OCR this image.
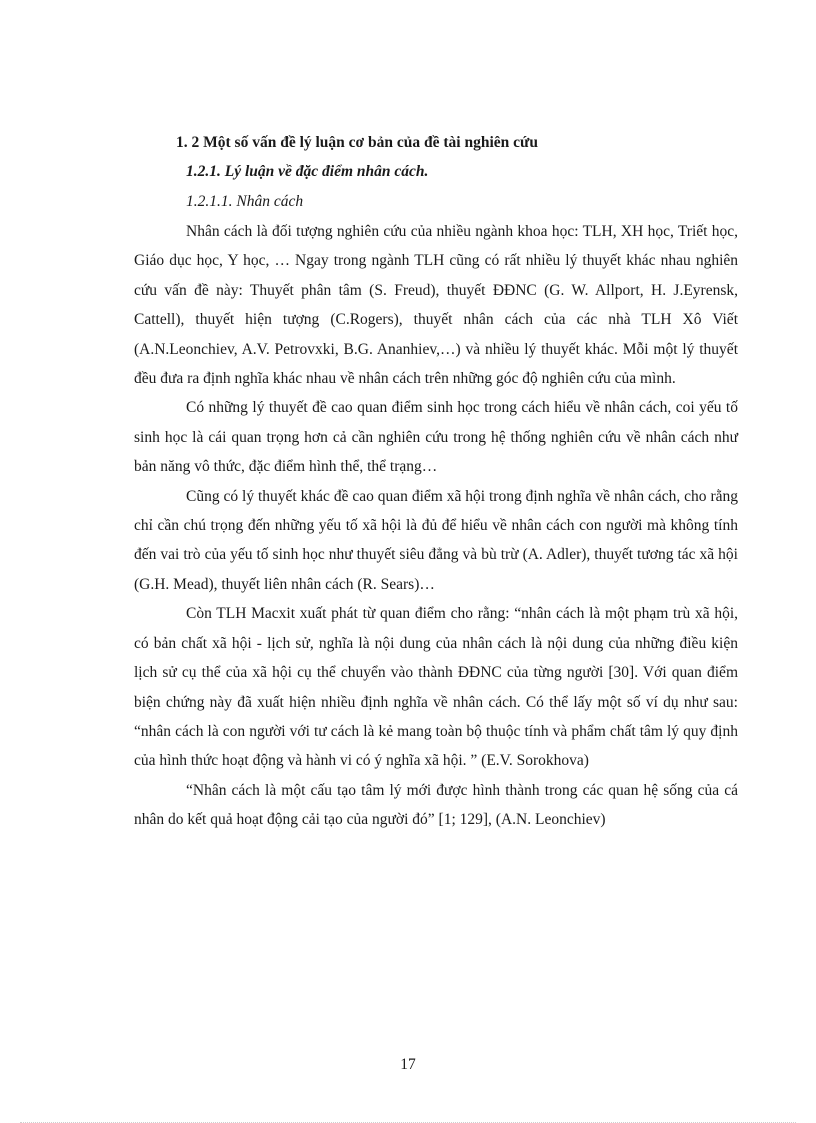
1. 2 Một số vấn đề lý luận cơ bản của đề tài nghiên cứu

1.2.1. Lý luận về đặc điểm nhân cách.

1.2.1.1. Nhân cách

Nhân cách là đối tượng nghiên cứu của nhiều ngành khoa học: TLH, XH học, Triết học, Giáo dục học, Y học, … Ngay trong ngành TLH cũng có rất nhiều lý thuyết khác nhau nghiên cứu vấn đề này: Thuyết phân tâm (S. Freud), thuyết ĐĐNC (G. W. Allport, H. J.Eyrensk, Cattell), thuyết hiện tượng (C.Rogers), thuyết nhân cách của các nhà TLH Xô Viết (A.N.Leonchiev, A.V. Petrovxki, B.G. Ananhiev,…) và nhiều lý thuyết khác. Mỗi một lý thuyết đều đưa ra định nghĩa khác nhau về nhân cách trên những góc độ nghiên cứu của mình.

Có những lý thuyết đề cao quan điểm sinh học trong cách hiểu về nhân cách, coi yếu tố sinh học là cái quan trọng hơn cả cần nghiên cứu trong hệ thống nghiên cứu về nhân cách như bản năng vô thức, đặc điểm hình thể, thể trạng…

Cũng có lý thuyết khác đề cao quan điểm xã hội trong định nghĩa về nhân cách, cho rằng chỉ cần chú trọng đến những yếu tố xã hội là đủ để hiểu về nhân cách con người mà không tính đến vai trò của yếu tố sinh học như thuyết siêu đẳng và bù trừ (A. Adler), thuyết tương tác xã hội (G.H. Mead), thuyết liên nhân cách (R. Sears)…

Còn TLH Macxit xuất phát từ quan điểm cho rằng: “nhân cách là một phạm trù xã hội, có bản chất xã hội - lịch sử, nghĩa là nội dung của nhân cách là nội dung của những điều kiện lịch sử cụ thể của xã hội cụ thể chuyển vào thành ĐĐNC của từng người [30]. Với quan điểm biện chứng này đã xuất hiện nhiều định nghĩa về nhân cách. Có thể lấy một số ví dụ như sau: “nhân cách là con người với tư cách là kẻ mang toàn bộ thuộc tính và phẩm chất tâm lý quy định của hình thức hoạt động và hành vi có ý nghĩa xã hội. ” (E.V. Sorokhova)

“Nhân cách là một cấu tạo tâm lý mới được hình thành trong các quan hệ sống của cá nhân do kết quả hoạt động cải tạo của người đó” [1; 129], (A.N. Leonchiev)

17
